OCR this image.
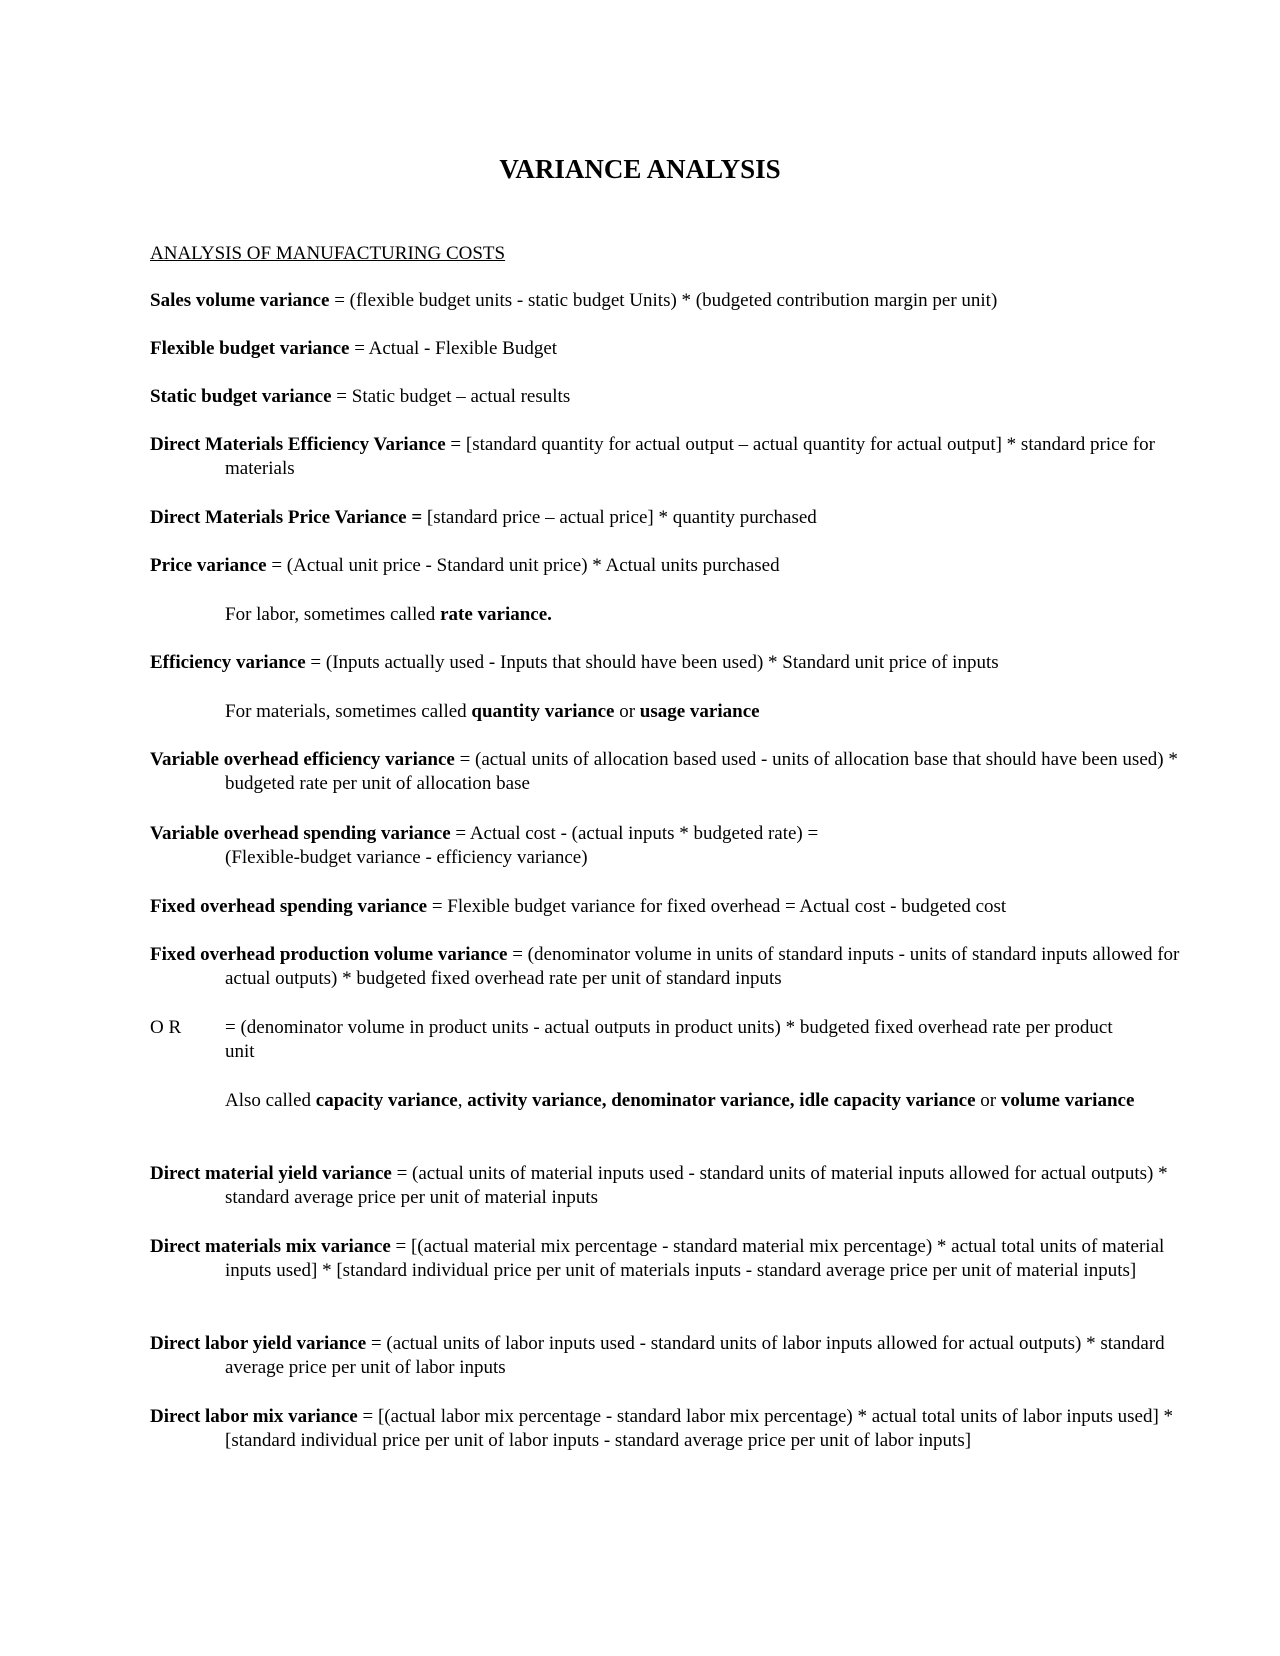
VARIANCE ANALYSIS

ANALYSIS OF MANUFACTURING COSTS

Sales volume variance = (flexible budget units - static budget Units) * (budgeted contribution margin per unit)

Flexible budget variance = Actual - Flexible Budget

Static budget variance = Static budget – actual results

Direct Materials Efficiency Variance = [standard quantity for actual output – actual quantity for actual output] * standard price for materials

Direct Materials Price Variance = [standard price – actual price] * quantity purchased

Price variance = (Actual unit price - Standard unit price) * Actual units purchased

For labor, sometimes called rate variance.

Efficiency variance = (Inputs actually used - Inputs that should have been used) * Standard unit price of inputs

For materials, sometimes called quantity variance or usage variance

Variable overhead efficiency variance = (actual units of allocation based used - units of allocation base that should have been used) * budgeted rate per unit of allocation base

Variable overhead spending variance = Actual cost - (actual inputs * budgeted rate) =
(Flexible-budget variance - efficiency variance)

Fixed overhead spending variance = Flexible budget variance for fixed overhead = Actual cost - budgeted cost

Fixed overhead production volume variance = (denominator volume in units of standard inputs - units of standard inputs allowed for actual outputs) * budgeted fixed overhead rate per unit of standard inputs

O R = (denominator volume in product units - actual outputs in product units) * budgeted fixed overhead rate per product unit

Also called capacity variance, activity variance, denominator variance, idle capacity variance or volume variance

Direct material yield variance = (actual units of material inputs used - standard units of material inputs allowed for actual outputs) * standard average price per unit of material inputs

Direct materials mix variance = [(actual material mix percentage - standard material mix percentage) * actual total units of material inputs used] * [standard individual price per unit of materials inputs - standard average price per unit of material inputs]

Direct labor yield variance = (actual units of labor inputs used - standard units of labor inputs allowed for actual outputs) * standard average price per unit of labor inputs

Direct labor mix variance = [(actual labor mix percentage - standard labor mix percentage) * actual total units of labor inputs used] * [standard individual price per unit of labor inputs - standard average price per unit of labor inputs]
